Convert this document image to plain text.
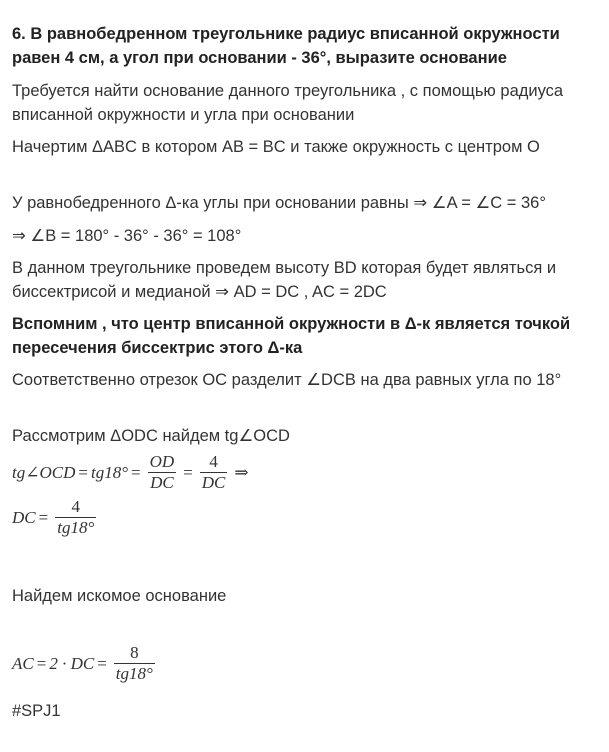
6. В равнобедренном треугольнике радиус вписанной окружности равен 4 см, а угол при основании - 36°, выразите основание
Требуется найти основание данного треугольника , с помощью радиуса вписанной окружности и угла при основании
Начертим ΔABC в котором AB = BC и также окружность с центром O
У равнобедренного Δ-ка углы при основании равны ⇒ ∠A = ∠C = 36°
⇒ ∠B = 180° - 36° - 36° = 108°
В данном треугольнике проведем высоту BD которая будет являться и биссектрисой и медианой ⇒ AD = DC , AC = 2DC
Вспомним , что центр вписанной окружности в Δ-к является точкой пересечения биссектрис этого Δ-ка
Соответственно отрезок OC разделит ∠DCB на два равных угла по 18°
Рассмотрим ΔODC найдем tg∠OCD
tg∠OCD = $tg18^\circ = \frac{OD}{DC} = \frac{4}{DC}$ ⇒
DC = $\frac{4}{tg18^\circ}$
Найдем искомое основание
AC = 2 · DC = $\frac{8}{tg18^\circ}$
#SPJ1
